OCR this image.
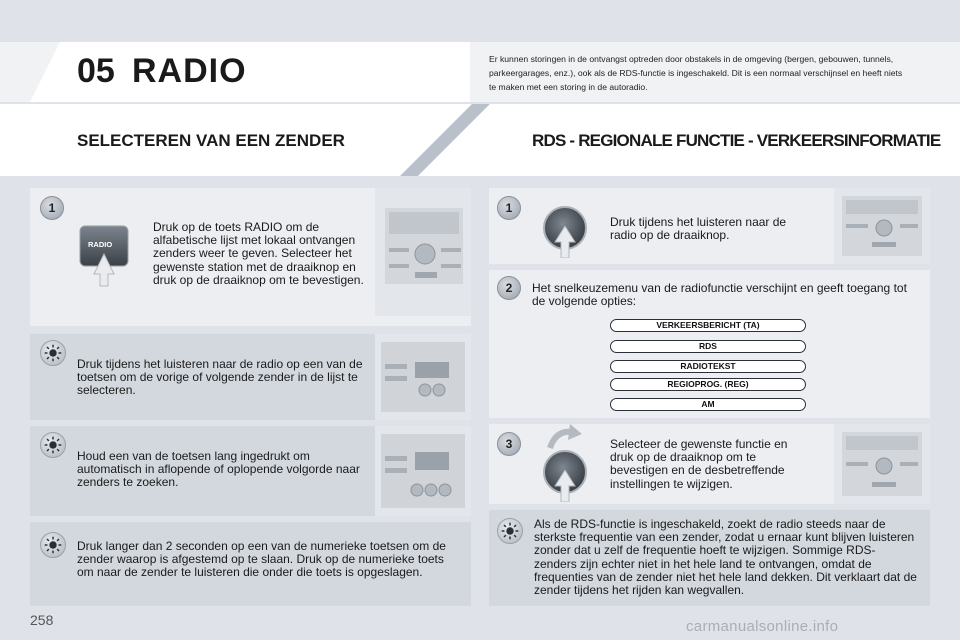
05 RADIO	Er kunnen storingen in de ontvangst optreden door obstakels in de omgeving (bergen, gebouwen, tunnels, parkeergarages, enz.), ook als de RDS-functie is ingeschakeld. Dit is een normaal verschijnsel en heeft niets te maken met een storing in de autoradio.
SELECTEREN VAN EEN ZENDER	RDS - REGIONALE FUNCTIE - VERKEERSINFORMATIE
1
RADIO
Druk op de toets RADIO om de alfabetische lijst met lokaal ontvangen zenders weer te geven. Selecteer het gewenste station met de draaiknop en druk op de draaiknop om te bevestigen.
Druk tijdens het luisteren naar de radio op een van de toetsen om de vorige of volgende zender in de lijst te selecteren.
Houd een van de toetsen lang ingedrukt om automatisch in aflopende of oplopende volgorde naar zenders te zoeken.
Druk langer dan 2 seconden op een van de numerieke toetsen om de zender waarop is afgestemd op te slaan. Druk op de numerieke toets om naar de zender te luisteren die onder die toets is opgeslagen.
1
Druk tijdens het luisteren naar de radio op de draaiknop.
2	Het snelkeuzemenu van de radiofunctie verschijnt en geeft toegang tot de volgende opties:
VERKEERSBERICHT (TA)
RDS
RADIOTEKST
REGIOPROG. (REG)
AM
3	Selecteer de gewenste functie en druk op de draaiknop om te bevestigen en de desbetreffende instellingen te wijzigen.
Als de RDS-functie is ingeschakeld, zoekt de radio steeds naar de sterkste frequentie van een zender, zodat u ernaar kunt blijven luisteren zonder dat u zelf de frequentie hoeft te wijzigen. Sommige RDS-zenders zijn echter niet in het hele land te ontvangen, omdat de frequenties van de zender niet het hele land dekken. Dit verklaart dat de zender tijdens het rijden kan wegvallen.
258	carmanualsonline.info
